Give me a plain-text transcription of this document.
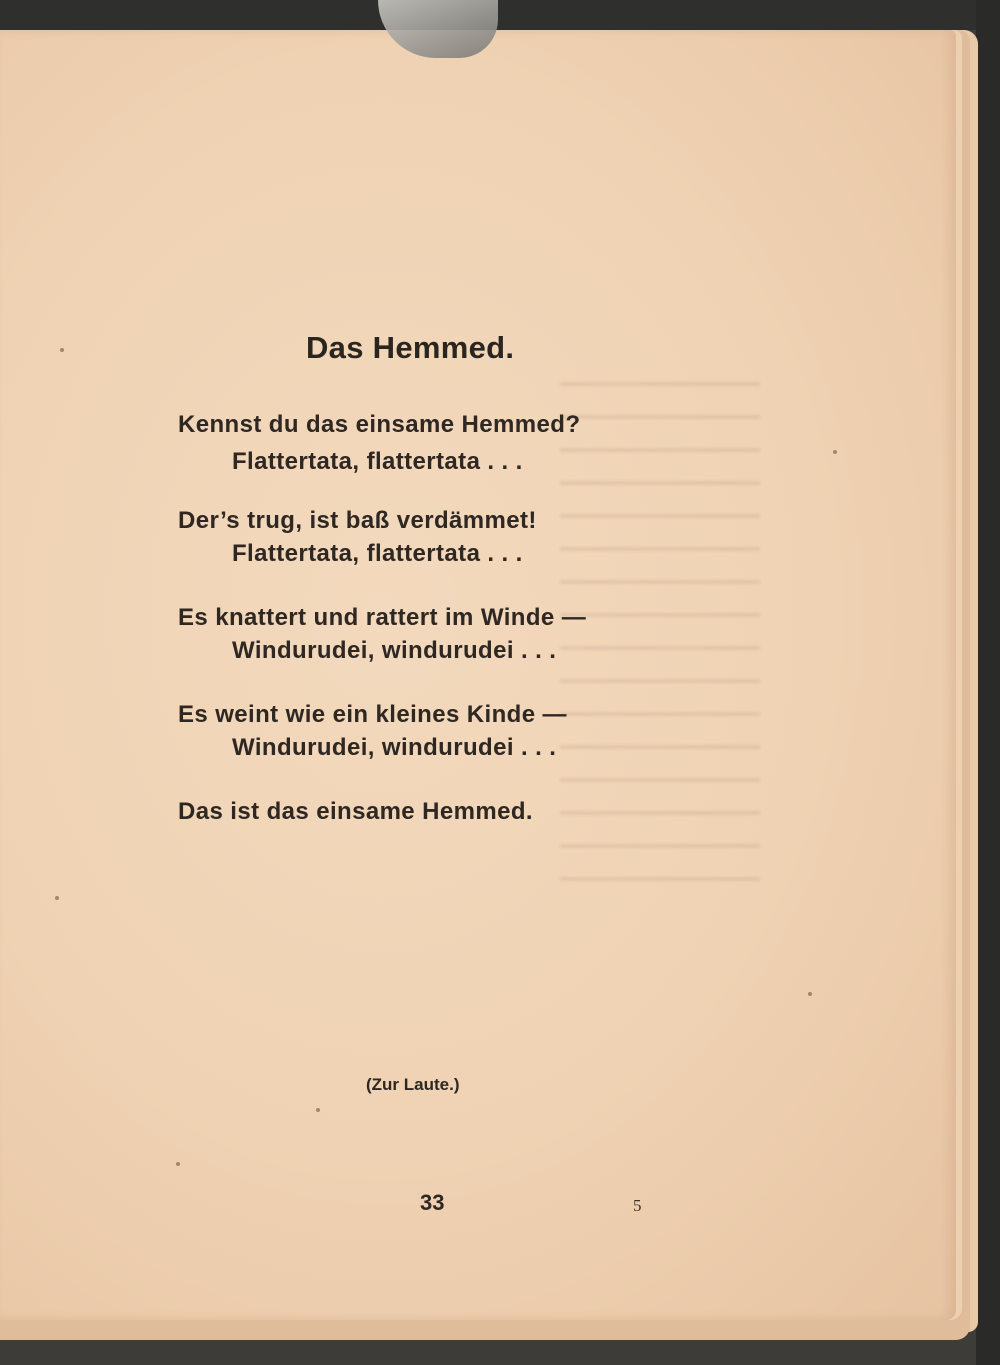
Das Hemmed.
Kennst du das einsame Hemmed?
Flattertata, flattertata . . .
Der’s trug, ist baß verdämmet!
Flattertata, flattertata . . .
Es knattert und rattert im Winde —
Windurudei, windurudei . . .
Es weint wie ein kleines Kinde —
Windurudei, windurudei . . .
Das ist das einsame Hemmed.
(Zur Laute.)
33	5
